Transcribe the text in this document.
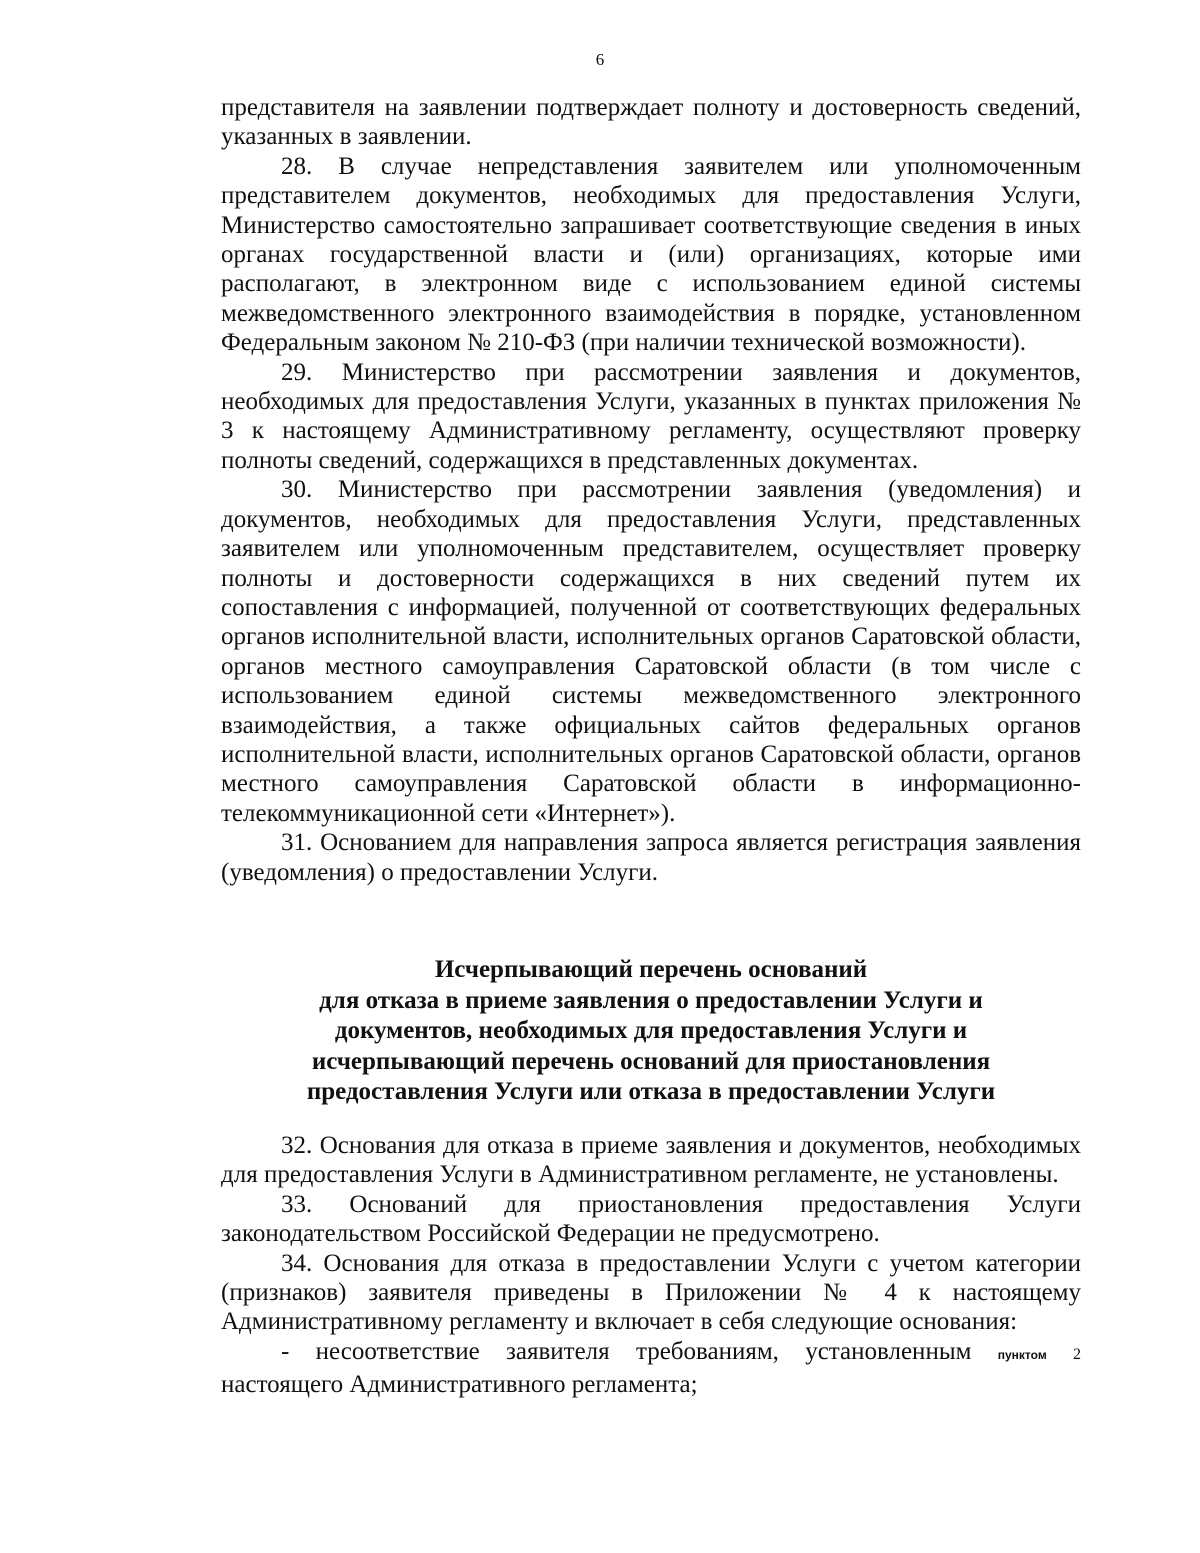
6

представителя на заявлении подтверждает полноту и достоверность сведений, указанных в заявлении.

28. В случае непредставления заявителем или уполномоченным представителем документов, необходимых для предоставления Услуги, Министерство самостоятельно запрашивает соответствующие сведения в иных органах государственной власти и (или) организациях, которые ими располагают, в электронном виде с использованием единой системы межведомственного электронного взаимодействия в порядке, установленном Федеральным законом № 210-ФЗ (при наличии технической возможности).

29. Министерство при рассмотрении заявления и документов, необходимых для предоставления Услуги, указанных в пунктах приложения № 3 к настоящему Административному регламенту, осуществляют проверку полноты сведений, содержащихся в представленных документах.

30. Министерство при рассмотрении заявления (уведомления) и документов, необходимых для предоставления Услуги, представленных заявителем или уполномоченным представителем, осуществляет проверку полноты и достоверности содержащихся в них сведений путем их сопоставления с информацией, полученной от соответствующих федеральных органов исполнительной власти, исполнительных органов Саратовской области, органов местного самоуправления Саратовской области (в том числе с использованием единой системы межведомственного электронного взаимодействия, а также официальных сайтов федеральных органов исполнительной власти, исполнительных органов Саратовской области, органов местного самоуправления Саратовской области в информационно-телекоммуникационной сети «Интернет»).

31. Основанием для направления запроса является регистрация заявления (уведомления) о предоставлении Услуги.

Исчерпывающий перечень оснований
для отказа в приеме заявления о предоставлении Услуги и
документов, необходимых для предоставления Услуги и
исчерпывающий перечень оснований для приостановления
предоставления Услуги или отказа в предоставлении Услуги

32. Основания для отказа в приеме заявления и документов, необходимых для предоставления Услуги в Административном регламенте, не установлены.

33. Оснований для приостановления предоставления Услуги законодательством Российской Федерации не предусмотрено.

34. Основания для отказа в предоставлении Услуги с учетом категории (признаков) заявителя приведены в Приложении № 4 к настоящему Административному регламенту и включает в себя следующие основания:

- несоответствие заявителя требованиям, установленным пунктом 2 настоящего Административного регламента;
